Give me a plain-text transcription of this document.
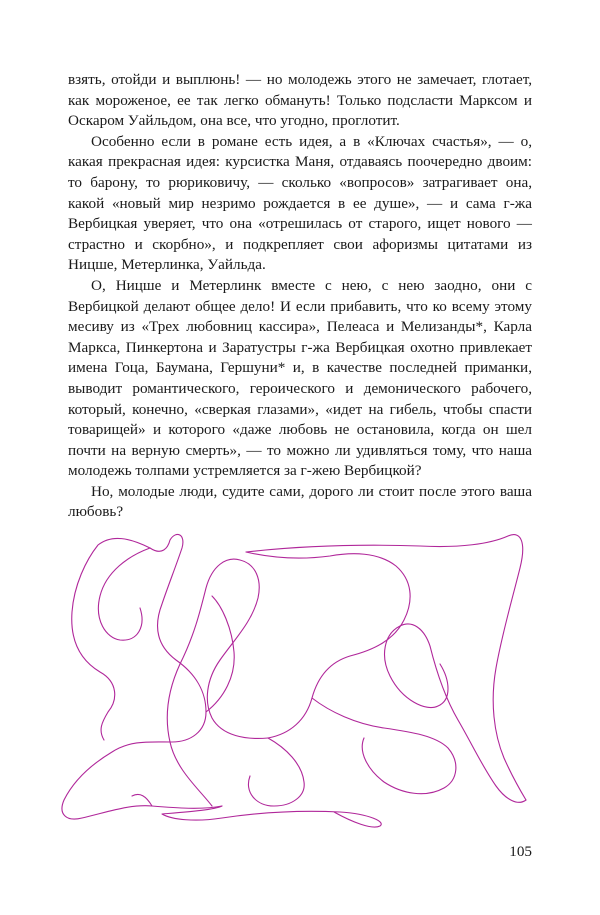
взять, отойди и выплюнь! — но молодежь этого не замечает, глотает, как мороженое, ее так легко обмануть! Только подсласти Марксом и Оскаром Уайльдом, она все, что угодно, проглотит.

Особенно если в романе есть идея, а в «Ключах счастья», — о, какая прекрасная идея: курсистка Маня, отдаваясь поочередно двоим: то барону, то рюриковичу, — сколько «вопросов» затрагивает она, какой «новый мир незримо рождается в ее душе», — и сама г-жа Вербицкая уверяет, что она «отрешилась от старого, ищет нового — страстно и скорбно», и подкрепляет свои афоризмы цитатами из Ницше, Метерлинка, Уайльда.

О, Ницше и Метерлинк вместе с нею, с нею заодно, они с Вербицкой делают общее дело! И если прибавить, что ко всему этому месиву из «Трех любовниц кассира», Пелеаса и Мелизанды*, Карла Маркса, Пинкертона и Заратустры г-жа Вербицкая охотно привлекает имена Гоца, Баумана, Гершуни* и, в качестве последней приманки, выводит романтического, героического и демонического рабочего, который, конечно, «сверкая глазами», «идет на гибель, чтобы спасти товарищей» и которого «даже любовь не остановила, когда он шел почти на верную смерть», — то можно ли удивляться тому, что наша молодежь толпами устремляется за г-жею Вербицкой?

Но, молодые люди, судите сами, дорого ли стоит после этого ваша любовь?

105
